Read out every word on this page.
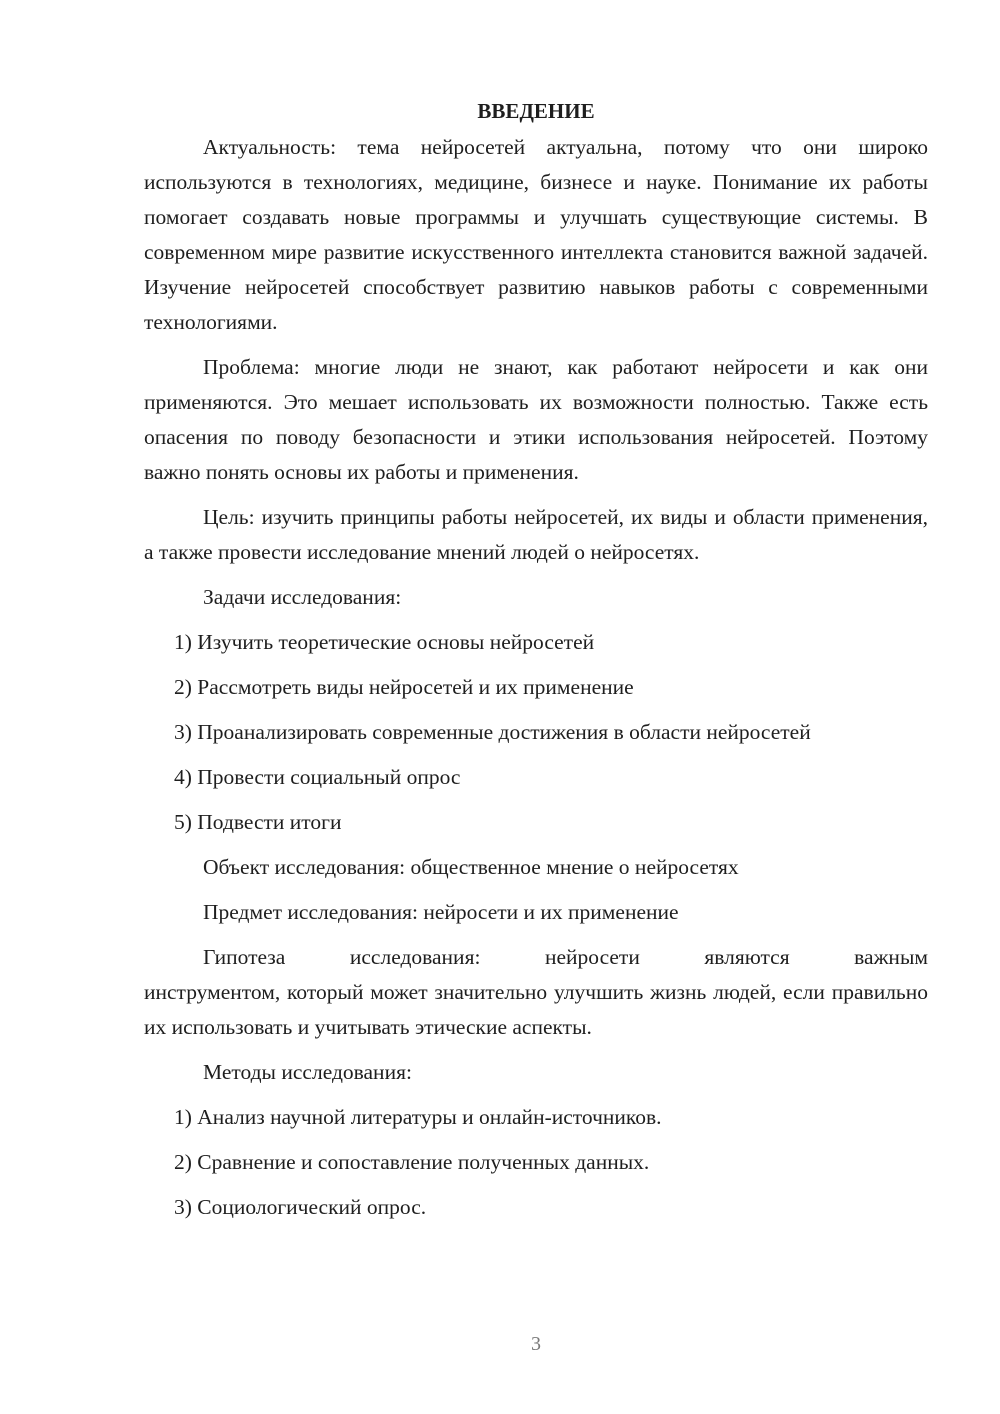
ВВЕДЕНИЕ

Актуальность: тема нейросетей актуальна, потому что они широко используются в технологиях, медицине, бизнесе и науке. Понимание их работы помогает создавать новые программы и улучшать существующие системы. В современном мире развитие искусственного интеллекта становится важной задачей. Изучение нейросетей способствует развитию навыков работы с современными технологиями.

Проблема: многие люди не знают, как работают нейросети и как они применяются. Это мешает использовать их возможности полностью. Также есть опасения по поводу безопасности и этики использования нейросетей. Поэтому важно понять основы их работы и применения.

Цель: изучить принципы работы нейросетей, их виды и области применения, а также провести исследование мнений людей о нейросетях.

Задачи исследования:

1) Изучить теоретические основы нейросетей
2) Рассмотреть виды нейросетей и их применение
3) Проанализировать современные достижения в области нейросетей
4) Провести социальный опрос
5) Подвести итоги

Объект исследования: общественное мнение о нейросетях

Предмет исследования: нейросети и их применение

Гипотеза исследования: нейросети являются важным
инструментом, который может значительно улучшить жизнь людей, если правильно их использовать и учитывать этические аспекты.

Методы исследования:

1) Анализ научной литературы и онлайн-источников.
2) Сравнение и сопоставление полученных данных.
3) Социологический опрос.
3
